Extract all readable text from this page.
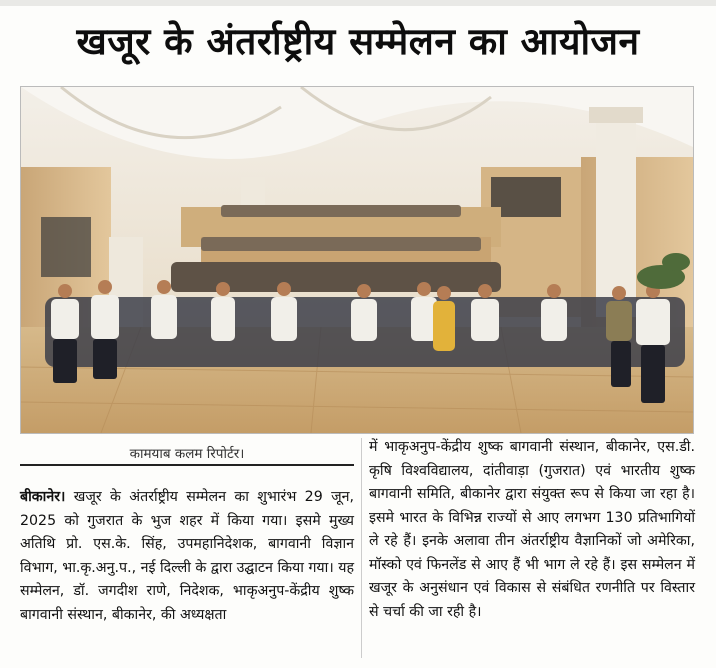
खजूर के अंतर्राष्ट्रीय सम्मेलन का आयोजन
कामयाब कलम रिपोर्टर।
बीकानेर। खजूर के अंतर्राष्ट्रीय सम्मेलन का शुभारंभ 29 जून, 2025 को गुजरात के भुज शहर में किया गया। इसमे मुख्य अतिथि प्रो. एस.के. सिंह, उपमहानिदेशक, बागवानी विज्ञान विभाग, भा.कृ.अनु.प., नई दिल्ली के द्वारा उद्घाटन किया गया। यह सम्मेलन, डॉ. जगदीश राणे, निदेशक, भाकृअनुप-केंद्रीय शुष्क बागवानी संस्थान, बीकानेर, की अध्यक्षता
में भाकृअनुप-केंद्रीय शुष्क बागवानी संस्थान, बीकानेर, एस.डी. कृषि विश्वविद्यालय, दांतीवाड़ा (गुजरात) एवं भारतीय शुष्क बागवानी समिति, बीकानेर द्वारा संयुक्त रूप से किया जा रहा है। इसमे भारत के विभिन्न राज्यों से आए लगभग 130 प्रतिभागियों ले रहे हैं। इनके अलावा तीन अंतर्राष्ट्रीय वैज्ञानिकों जो अमेरिका, मॉस्को एवं फिनलेंड से आए हैं भी भाग ले रहे हैं। इस सम्मेलन में खजूर के अनुसंधान एवं विकास से संबंधित रणनीति पर विस्तार से चर्चा की जा रही है।
